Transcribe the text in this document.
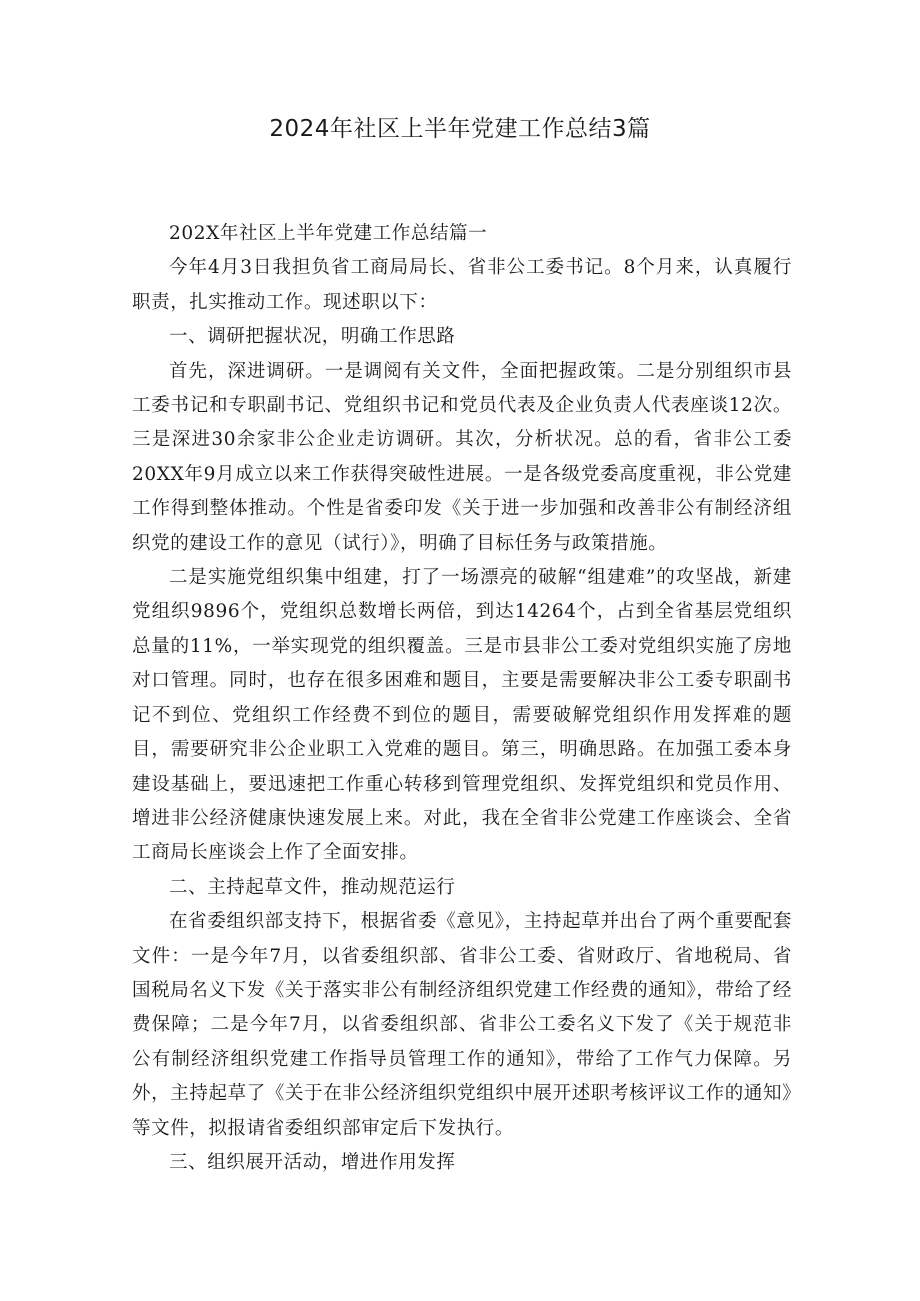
2024年社区上半年党建工作总结3篇

202X年社区上半年党建工作总结篇一

今年4月3日我担负省工商局局长、省非公工委书记。8个月来，认真履行职责，扎实推动工作。现述职以下：

一、调研把握状况，明确工作思路

首先，深进调研。一是调阅有关文件，全面把握政策。二是分别组织市县工委书记和专职副书记、党组织书记和党员代表及企业负责人代表座谈12次。三是深进30余家非公企业走访调研。其次，分析状况。总的看，省非公工委20XX年9月成立以来工作获得突破性进展。一是各级党委高度重视，非公党建工作得到整体推动。个性是省委印发《关于进一步加强和改善非公有制经济组织党的建设工作的意见（试行）》，明确了目标任务与政策措施。

二是实施党组织集中组建，打了一场漂亮的破解“组建难”的攻坚战，新建党组织9896个，党组织总数增长两倍，到达14264个，占到全省基层党组织总量的11%，一举实现党的组织覆盖。三是市县非公工委对党组织实施了房地对口管理。同时，也存在很多困难和题目，主要是需要解决非公工委专职副书记不到位、党组织工作经费不到位的题目，需要破解党组织作用发挥难的题目，需要研究非公企业职工入党难的题目。第三，明确思路。在加强工委本身建设基础上，要迅速把工作重心转移到管理党组织、发挥党组织和党员作用、增进非公经济健康快速发展上来。对此，我在全省非公党建工作座谈会、全省工商局长座谈会上作了全面安排。

二、主持起草文件，推动规范运行

在省委组织部支持下，根据省委《意见》，主持起草并出台了两个重要配套文件：一是今年7月，以省委组织部、省非公工委、省财政厅、省地税局、省国税局名义下发《关于落实非公有制经济组织党建工作经费的通知》，带给了经费保障；二是今年7月，以省委组织部、省非公工委名义下发了《关于规范非公有制经济组织党建工作指导员管理工作的通知》，带给了工作气力保障。另外，主持起草了《关于在非公经济组织党组织中展开述职考核评议工作的通知》等文件，拟报请省委组织部审定后下发执行。

三、组织展开活动，增进作用发挥
